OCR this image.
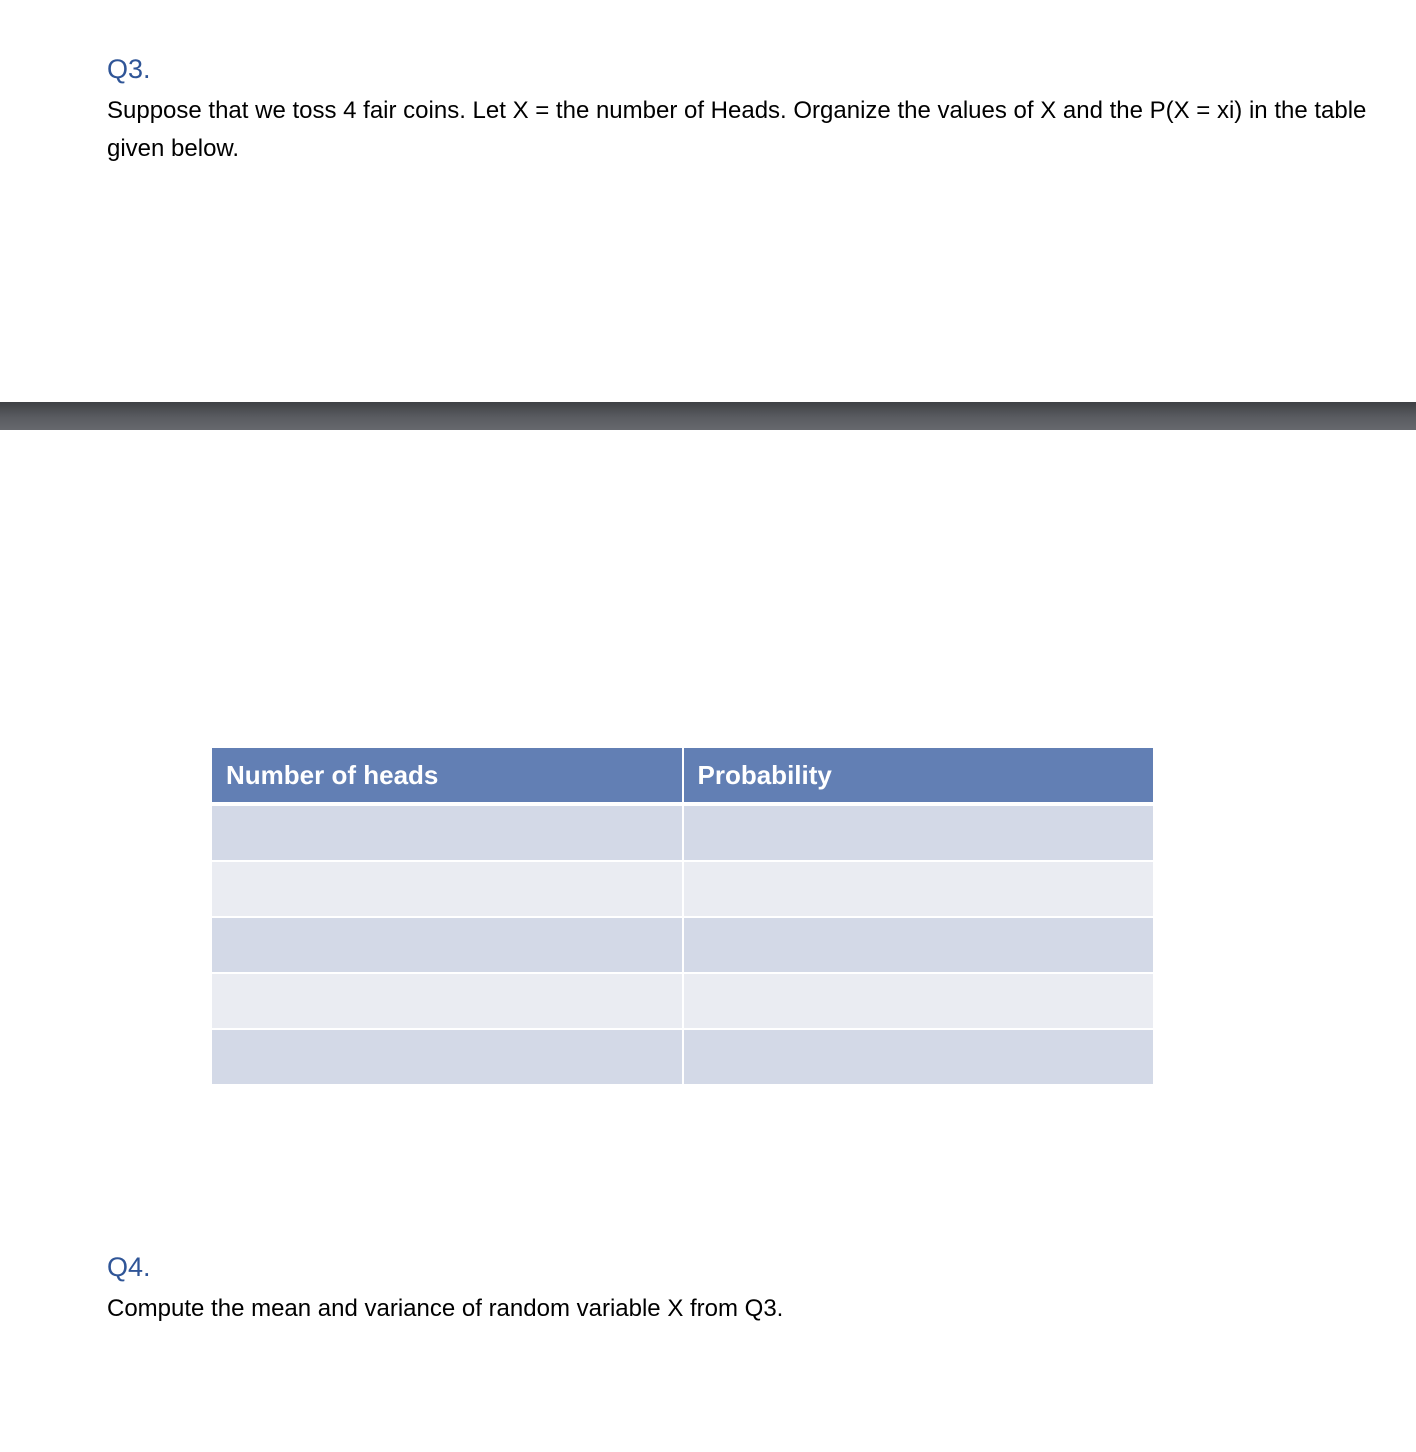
Q3.
Suppose that we toss 4 fair coins. Let X = the number of Heads. Organize the values of X and the P(X = xi) in the table given below.
Number of heads	Probability

Q4.
Compute the mean and variance of random variable X from Q3.
